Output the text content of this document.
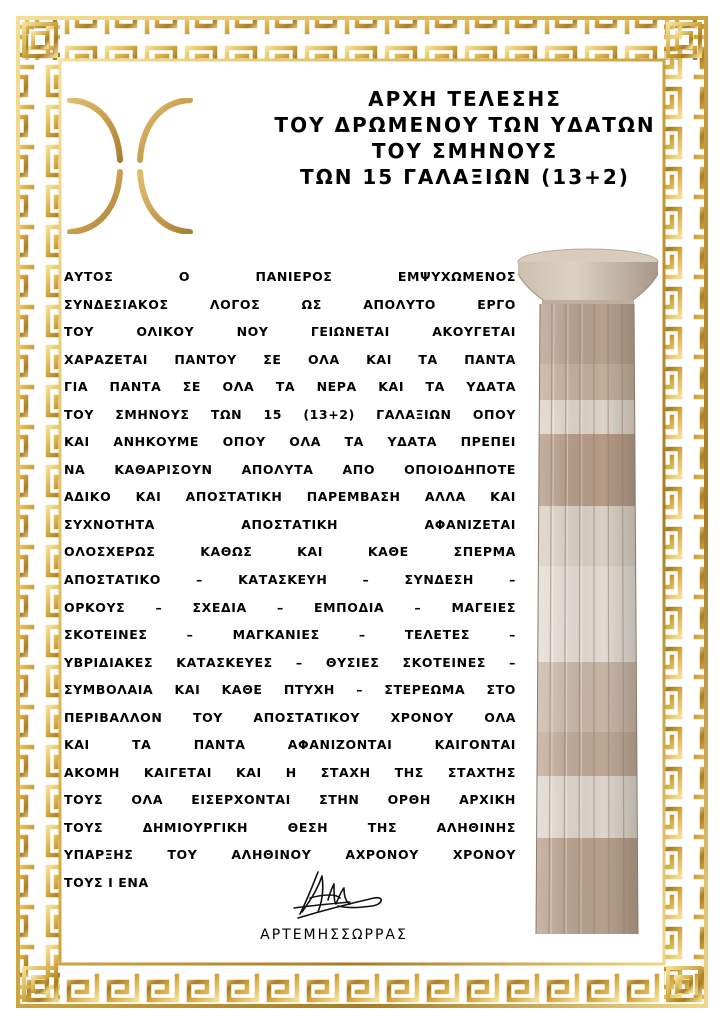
ΑΡΧΗ ΤΕΛΕΣΗΣ
ΤΟΥ ΔΡΩΜΕΝΟΥ ΤΩΝ ΥΔΑΤΩΝ
ΤΟΥ ΣΜΗΝΟΥΣ
ΤΩΝ 15 ΓΑΛΑΞΙΩΝ (13+2)
ΑΥΤΟΣ Ο ΠΑΝΙΕΡΟΣ ΕΜΨΥΧΩΜΕΝΟΣ
ΣΥΝΔΕΣΙΑΚΟΣ ΛΟΓΟΣ ΩΣ ΑΠΟΛΥΤΟ ΕΡΓΟ
ΤΟΥ ΟΛΙΚΟΥ ΝΟΥ ΓΕΙΩΝΕΤΑΙ ΑΚΟΥΓΕΤΑΙ
ΧΑΡΑΖΕΤΑΙ ΠΑΝΤΟΥ ΣΕ ΟΛΑ ΚΑΙ ΤΑ ΠΑΝΤΑ
ΓΙΑ ΠΑΝΤΑ ΣΕ ΟΛΑ ΤΑ ΝΕΡΑ ΚΑΙ ΤΑ ΥΔΑΤΑ
ΤΟΥ ΣΜΗΝΟΥΣ ΤΩΝ 15 (13+2) ΓΑΛΑΞΙΩΝ ΟΠΟΥ
ΚΑΙ ΑΝΗΚΟΥΜΕ ΟΠΟΥ ΟΛΑ ΤΑ ΥΔΑΤΑ ΠΡΕΠΕΙ
ΝΑ ΚΑΘΑΡΙΣΟΥΝ ΑΠΟΛΥΤΑ ΑΠΟ ΟΠΟΙΟΔΗΠΟΤΕ
ΑΔΙΚΟ ΚΑΙ ΑΠΟΣΤΑΤΙΚΗ ΠΑΡΕΜΒΑΣΗ ΑΛΛΑ ΚΑΙ
ΣΥΧΝΟΤΗΤΑ ΑΠΟΣΤΑΤΙΚΗ ΑΦΑΝΙΖΕΤΑΙ
ΟΛΟΣΧΕΡΩΣ ΚΑΘΩΣ ΚΑΙ ΚΑΘΕ ΣΠΕΡΜΑ
ΑΠΟΣΤΑΤΙΚΟ – ΚΑΤΑΣΚΕΥΗ – ΣΥΝΔΕΣΗ –
ΟΡΚΟΥΣ – ΣΧΕΔΙΑ – ΕΜΠΟΔΙΑ – ΜΑΓΕΙΕΣ
ΣΚΟΤΕΙΝΕΣ – ΜΑΓΚΑΝΙΕΣ – ΤΕΛΕΤΕΣ –
ΥΒΡΙΔΙΑΚΕΣ ΚΑΤΑΣΚΕΥΕΣ – ΘΥΣΙΕΣ ΣΚΟΤΕΙΝΕΣ –
ΣΥΜΒΟΛΑΙΑ ΚΑΙ ΚΑΘΕ ΠΤΥΧΗ – ΣΤΕΡΕΩΜΑ ΣΤΟ
ΠΕΡΙΒΑΛΛΟΝ ΤΟΥ ΑΠΟΣΤΑΤΙΚΟΥ ΧΡΟΝΟΥ ΟΛΑ
ΚΑΙ ΤΑ ΠΑΝΤΑ ΑΦΑΝΙΖΟΝΤΑΙ ΚΑΙΓΟΝΤΑΙ
ΑΚΟΜΗ ΚΑΙΓΕΤΑΙ ΚΑΙ Η ΣΤΑΧΗ ΤΗΣ ΣΤΑΧΤΗΣ
ΤΟΥΣ ΟΛΑ ΕΙΣΕΡΧΟΝΤΑΙ ΣΤΗΝ ΟΡΘΗ ΑΡΧΙΚΗ
ΤΟΥΣ ΔΗΜΙΟΥΡΓΙΚΗ ΘΕΣΗ ΤΗΣ ΑΛΗΘΙΝΗΣ
ΥΠΑΡΞΗΣ ΤΟΥ ΑΛΗΘΙΝΟΥ ΑΧΡΟΝΟΥ ΧΡΟΝΟΥ
ΤΟΥΣ Ι ΕΝΑ
ΑΡΤΕΜΗΣΣΩΡΡΑΣ
